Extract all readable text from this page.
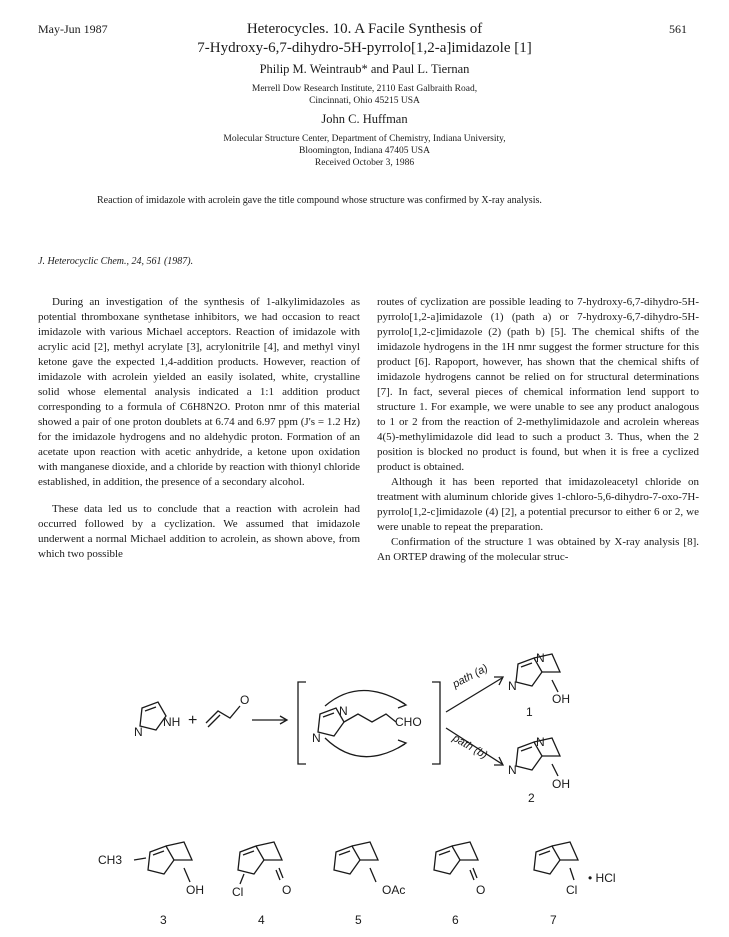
May-Jun 1987	561
Heterocycles. 10. A Facile Synthesis of
7-Hydroxy-6,7-dihydro-5H-pyrrolo[1,2-a]imidazole [1]
Philip M. Weintraub* and Paul L. Tiernan
Merrell Dow Research Institute, 2110 East Galbraith Road,
Cincinnati, Ohio 45215 USA
John C. Huffman
Molecular Structure Center, Department of Chemistry, Indiana University,
Bloomington, Indiana 47405 USA
Received October 3, 1986
Reaction of imidazole with acrolein gave the title compound whose structure was confirmed by X-ray analysis.
J. Heterocyclic Chem., 24, 561 (1987).

During an investigation of the synthesis of 1-alkylimidazoles as potential thromboxane synthetase inhibitors, we had occasion to react imidazole with various Michael acceptors. Reaction of imidazole with acrylic acid [2], methyl acrylate [3], acrylonitrile [4], and methyl vinyl ketone gave the expected 1,4-addition products. However, reaction of imidazole with acrolein yielded an easily isolated, white, crystalline solid whose elemental analysis indicated a 1:1 addition product corresponding to a formula of C6H8N2O. Proton nmr of this material showed a pair of one proton doublets at 6.74 and 6.97 ppm (J's = 1.2 Hz) for the imidazole hydrogens and no aldehydic proton. Formation of an acetate upon reaction with acetic anhydride, a ketone upon oxidation with manganese dioxide, and a chloride by reaction with thionyl chloride established, in addition, the presence of a secondary alcohol.

These data led us to conclude that a reaction with acrolein had occurred followed by a cyclization. We assumed that imidazole underwent a normal Michael addition to acrolein, as shown above, from which two possible

routes of cyclization are possible leading to 7-hydroxy-6,7-dihydro-5H-pyrrolo[1,2-a]imidazole (1) (path a) or 7-hydroxy-6,7-dihydro-5H-pyrrolo[1,2-c]imidazole (2) (path b) [5]. The chemical shifts of the imidazole hydrogens in the 1H nmr suggest the former structure for this product [6]. Rapoport, however, has shown that the chemical shifts of imidazole hydrogens cannot be relied on for structural determinations [7]. In fact, several pieces of chemical information lend support to structure 1. For example, we were unable to see any product analogous to 1 or 2 from the reaction of 2-methylimidazole and acrolein whereas 4(5)-methylimidazole did lead to such a product 3. Thus, when the 2 position is blocked no product is found, but when it is free a cyclized product is obtained.

Although it has been reported that imidazoleacetyl chloride on treatment with aluminum chloride gives 1-chloro-5,6-dihydro-7-oxo-7H-pyrrolo[1,2-c]imidazole (4) [2], a potential precursor to either 6 or 2, we were unable to repeat the preparation.

Confirmation of the structure 1 was obtained by X-ray analysis [8]. An ORTEP drawing of the molecular struc-

NH
N
+
O
N
N
CHO
path (a)
path (b)
N
N
OH
1
N
N
OH
2
CH3
OH Cl	O	OAc	O	Cl
• HCl
3	4	5	6	7
